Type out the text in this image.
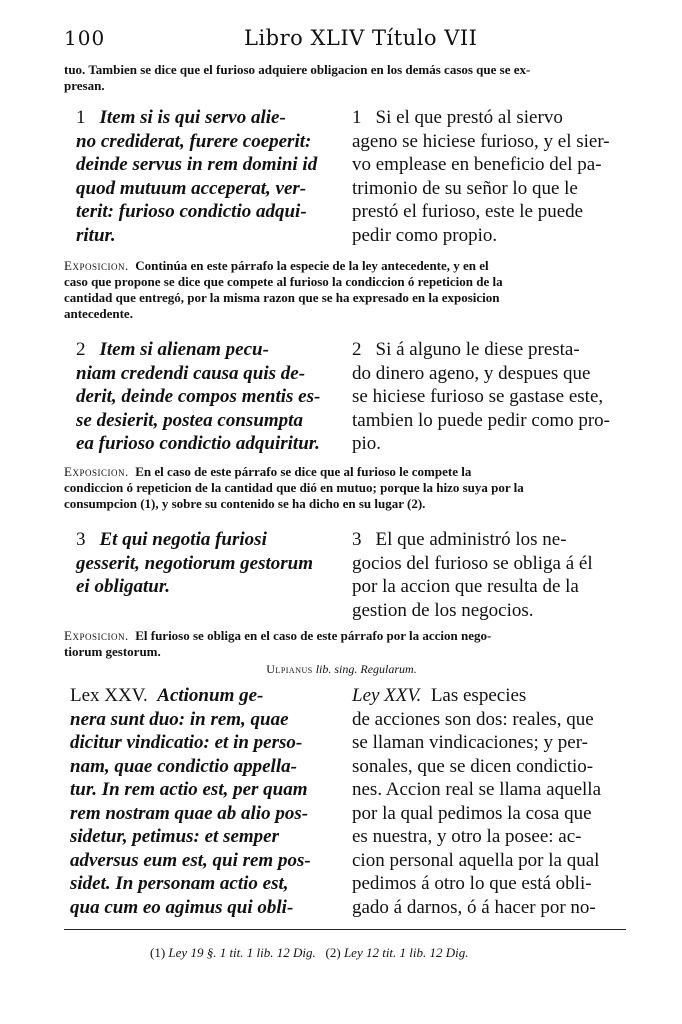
100	Libro XLIV Título VII
tuo. Tambien se dice que el furioso adquiere obligacion en los demás casos que se ex-
presan.
1 Item si is qui servo alie-
no crediderat, furere coeperit:
deinde servus in rem domini id
quod mutuum acceperat, ver-
terit: furioso condictio adqui-
ritur.
1 Si el que prestó al siervo
ageno se hiciese furioso, y el sier-
vo emplease en beneficio del pa-
trimonio de su señor lo que le
prestó el furioso, este le puede
pedir como propio.
Exposicion. Continúa en este párrafo la especie de la ley antecedente, y en el
caso que propone se dice que compete al furioso la condiccion ó repeticion de la
cantidad que entregó, por la misma razon que se ha expresado en la exposicion
antecedente.
2 Item si alienam pecu-
niam credendi causa quis de-
derit, deinde compos mentis es-
se desierit, postea consumpta
ea furioso condictio adquiritur.
2 Si á alguno le diese presta-
do dinero ageno, y despues que
se hiciese furioso se gastase este,
tambien lo puede pedir como pro-
pio.
Exposicion. En el caso de este párrafo se dice que al furioso le compete la
condiccion ó repeticion de la cantidad que dió en mutuo; porque la hizo suya por la
consumpcion (1), y sobre su contenido se ha dicho en su lugar (2).
3 Et qui negotia furiosi
gesserit, negotiorum gestorum
ei obligatur.
3 El que administró los ne-
gocios del furioso se obliga á él
por la accion que resulta de la
gestion de los negocios.
Exposicion. El furioso se obliga en el caso de este párrafo por la accion nego-
tiorum gestorum.
Ulpianus lib. sing. Regularum.
Lex XXV. Actionum ge-
nera sunt duo: in rem, quae
dicitur vindicatio: et in perso-
nam, quae condictio appella-
tur. In rem actio est, per quam
rem nostram quae ab alio pos-
sidetur, petimus: et semper
adversus eum est, qui rem pos-
sidet. In personam actio est,
qua cum eo agimus qui obli-
Ley XXV. Las especies
de acciones son dos: reales, que
se llaman vindicaciones; y per-
sonales, que se dicen condictio-
nes. Accion real se llama aquella
por la qual pedimos la cosa que
es nuestra, y otro la posee: ac-
cion personal aquella por la qual
pedimos á otro lo que está obli-
gado á darnos, ó á hacer por no-
(1) Ley 19 §. 1 tit. 1 lib. 12 Dig. (2) Ley 12 tit. 1 lib. 12 Dig.
